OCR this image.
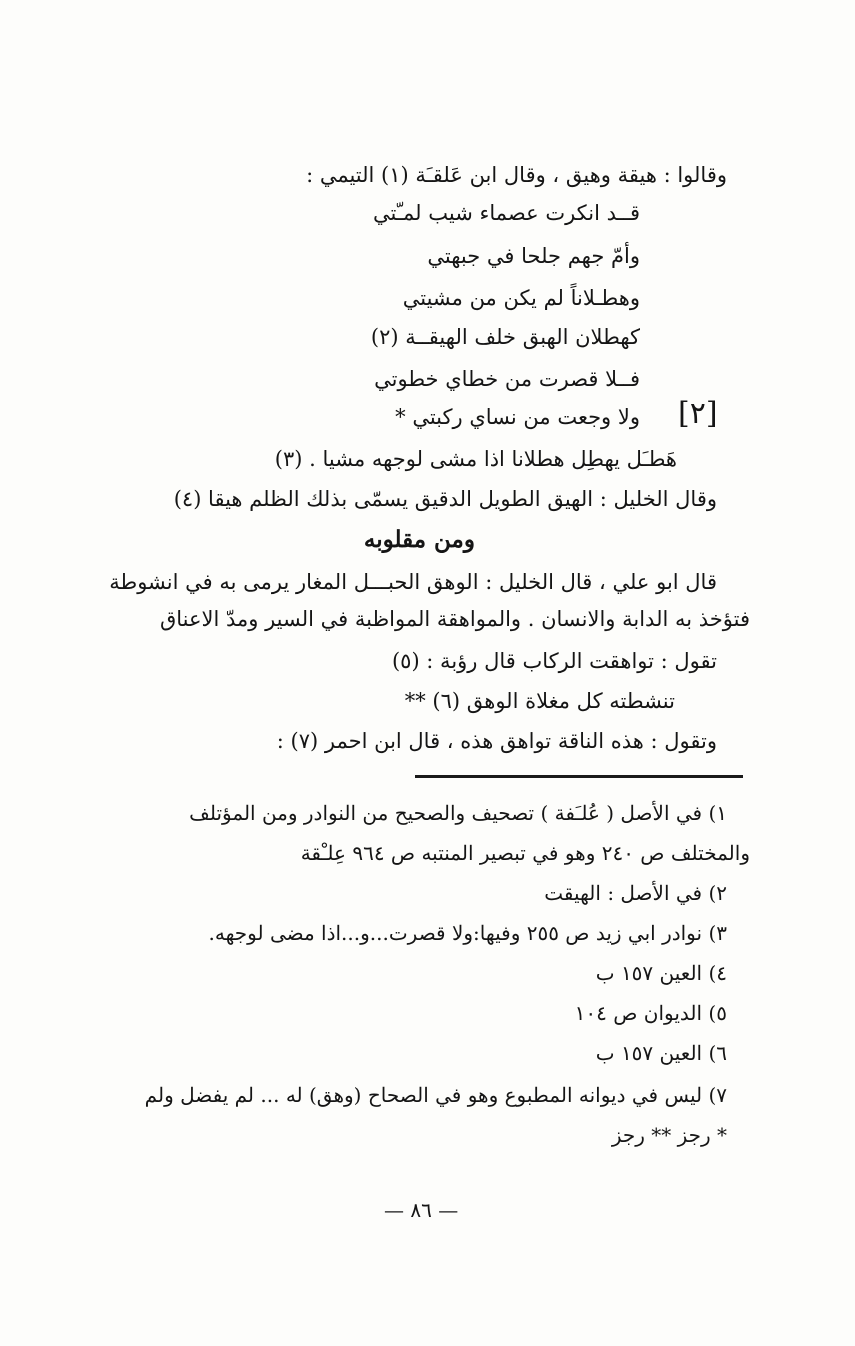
وقالوا : هيقة وهيق ، وقال ابن عَلقـَة (١) التيمي :

قــد انكرت عصماء شيب لمـّتي

وأمّ جهم جلحا في جبهتي

وهطـلاناً لم يكن من مشيتي

كهطلان الهبق خلف الهيقــة (٢)

فــلا قصرت من خطاي خطوتي

[٢]

ولا وجعت من نساي ركبتي *

هَطـَل يهطِل هطلانا اذا مشى لوجهه مشيا . (٣)

وقال الخليل : الهيق الطويل الدقيق يسمّى بذلك الظلم هيقا (٤)

ومن مقلوبه

قال ابو علي ، قال الخليل : الوهق الحبـــل المغار يرمى به في انشوطة

فتؤخذ به الدابة والانسان . والمواهقة المواظبة في السير ومدّ الاعناق

تقول : تواهقت الركاب قال رؤبة : (٥)

تنشطته كل مغلاة الوهق (٦) **

وتقول : هذه الناقة تواهق هذه ، قال ابن احمر (٧) :

١) في الأصل ( عُلـَفة ) تصحيف والصحيح من النوادر ومن المؤتلف

والمختلف ص ٢٤٠ وهو في تبصير المنتبه ص ٩٦٤ عِلـْقة

٢) في الأصل : الهيقت

٣) نوادر ابي زيد ص ٢٥٥ وفيها:ولا قصرت...و...اذا مضى لوجهه.

٤) العين ١٥٧ ب

٥) الديوان ص ١٠٤

٦) العين ١٥٧ ب

٧) ليس في ديوانه المطبوع وهو في الصحاح (وهق) له ... لم يفضل ولم

* رجز ** رجز

— ٨٦ —
